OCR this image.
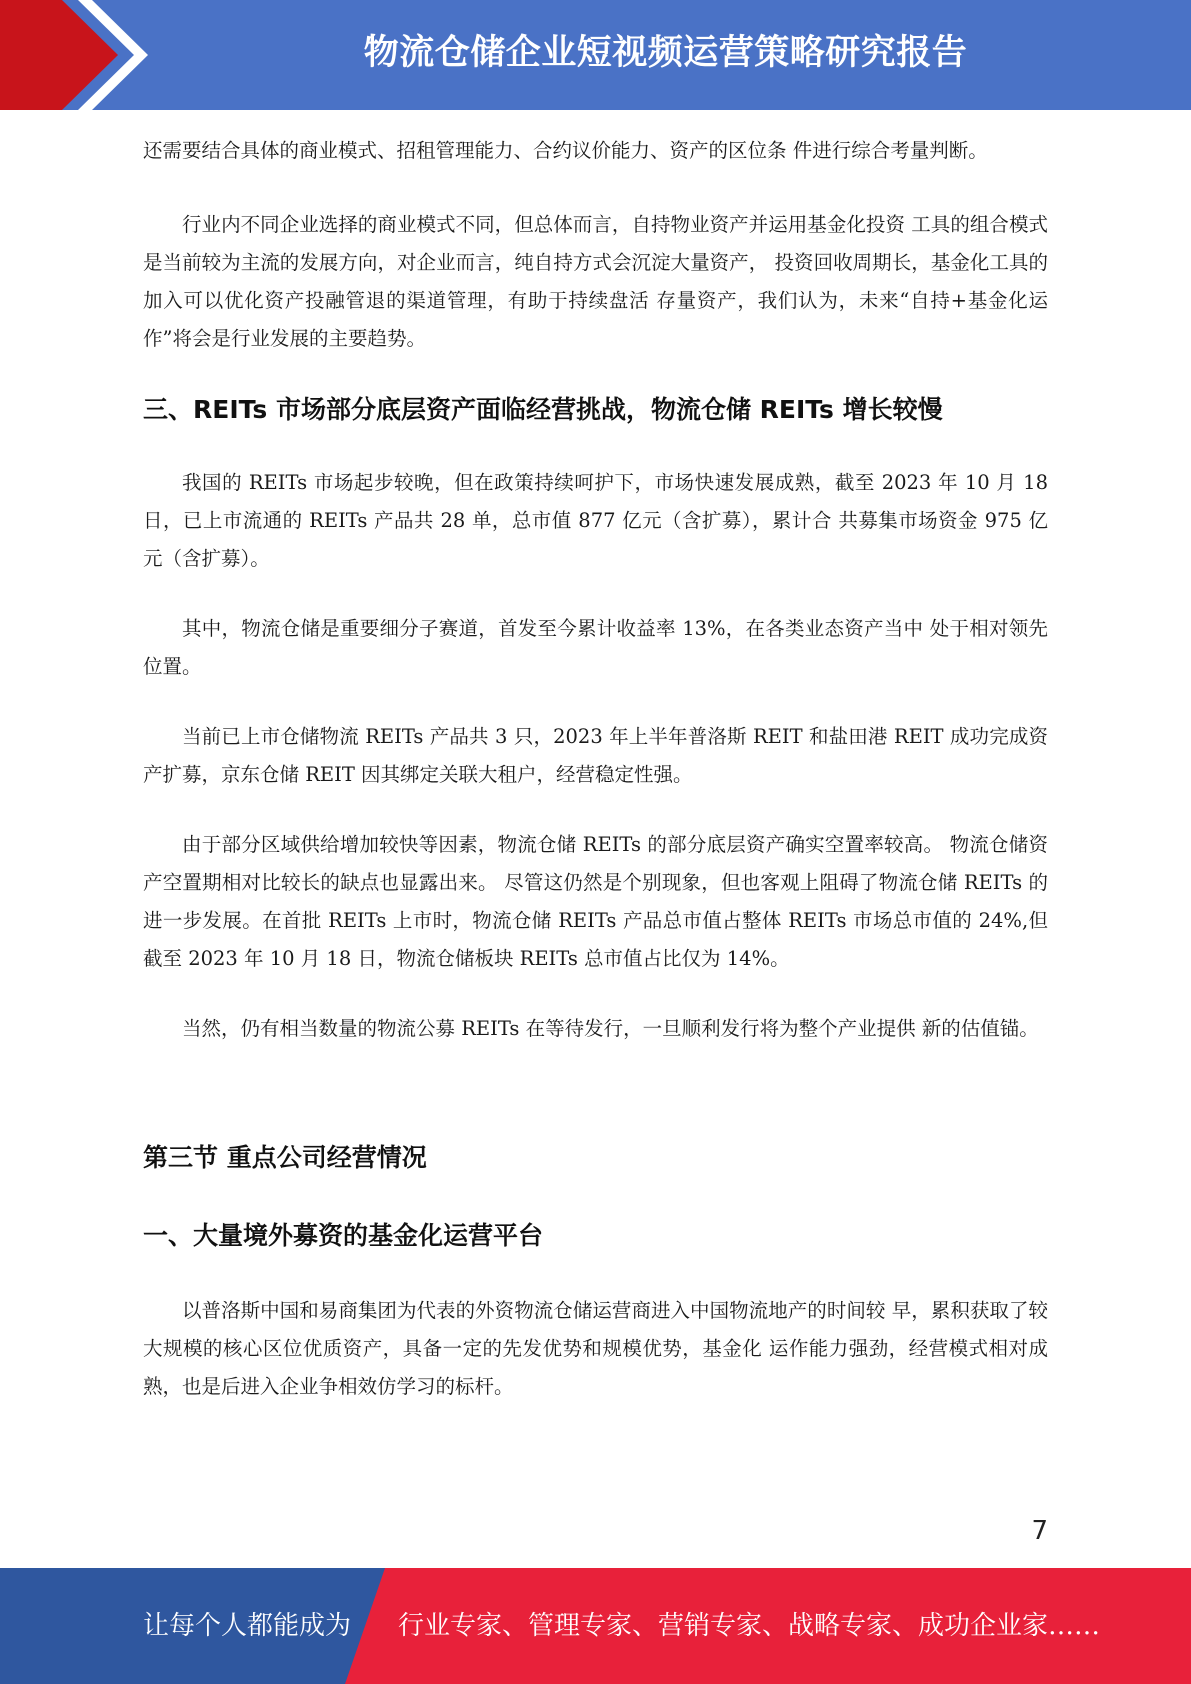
物流仓储企业短视频运营策略研究报告

还需要结合具体的商业模式、招租管理能力、合约议价能力、资产的区位条 件进行综合考量判断。

行业内不同企业选择的商业模式不同，但总体而言，自持物业资产并运用基金化投资 工具的组合模式是当前较为主流的发展方向，对企业而言，纯自持方式会沉淀大量资产， 投资回收周期长，基金化工具的加入可以优化资产投融管退的渠道管理，有助于持续盘活 存量资产，我们认为，未来“自持+基金化运作”将会是行业发展的主要趋势。

三、REITs 市场部分底层资产面临经营挑战，物流仓储 REITs 增长较慢

我国的 REITs 市场起步较晚，但在政策持续呵护下，市场快速发展成熟，截至 2023 年 10 月 18 日，已上市流通的 REITs 产品共 28 单，总市值 877 亿元（含扩募），累计合 共募集市场资金 975 亿元（含扩募）。

其中，物流仓储是重要细分子赛道，首发至今累计收益率 13%，在各类业态资产当中 处于相对领先位置。

当前已上市仓储物流 REITs 产品共 3 只，2023 年上半年普洛斯 REIT 和盐田港 REIT 成功完成资产扩募，京东仓储 REIT 因其绑定关联大租户，经营稳定性强。

由于部分区域供给增加较快等因素，物流仓储 REITs 的部分底层资产确实空置率较高。 物流仓储资产空置期相对比较长的缺点也显露出来。 尽管这仍然是个别现象，但也客观上阻碍了物流仓储 REITs 的进一步发展。在首批 REITs 上市时，物流仓储 REITs 产品总市值占整体 REITs 市场总市值的 24%,但截至 2023 年 10 月 18 日，物流仓储板块 REITs 总市值占比仅为 14%。

当然，仍有相当数量的物流公募 REITs 在等待发行，一旦顺利发行将为整个产业提供 新的估值锚。

第三节 重点公司经营情况
一、大量境外募资的基金化运营平台

以普洛斯中国和易商集团为代表的外资物流仓储运营商进入中国物流地产的时间较 早，累积获取了较大规模的核心区位优质资产，具备一定的先发优势和规模优势，基金化 运作能力强劲，经营模式相对成熟，也是后进入企业争相效仿学习的标杆。

7
让每个人都能成为 行业专家、管理专家、营销专家、战略专家、成功企业家……
